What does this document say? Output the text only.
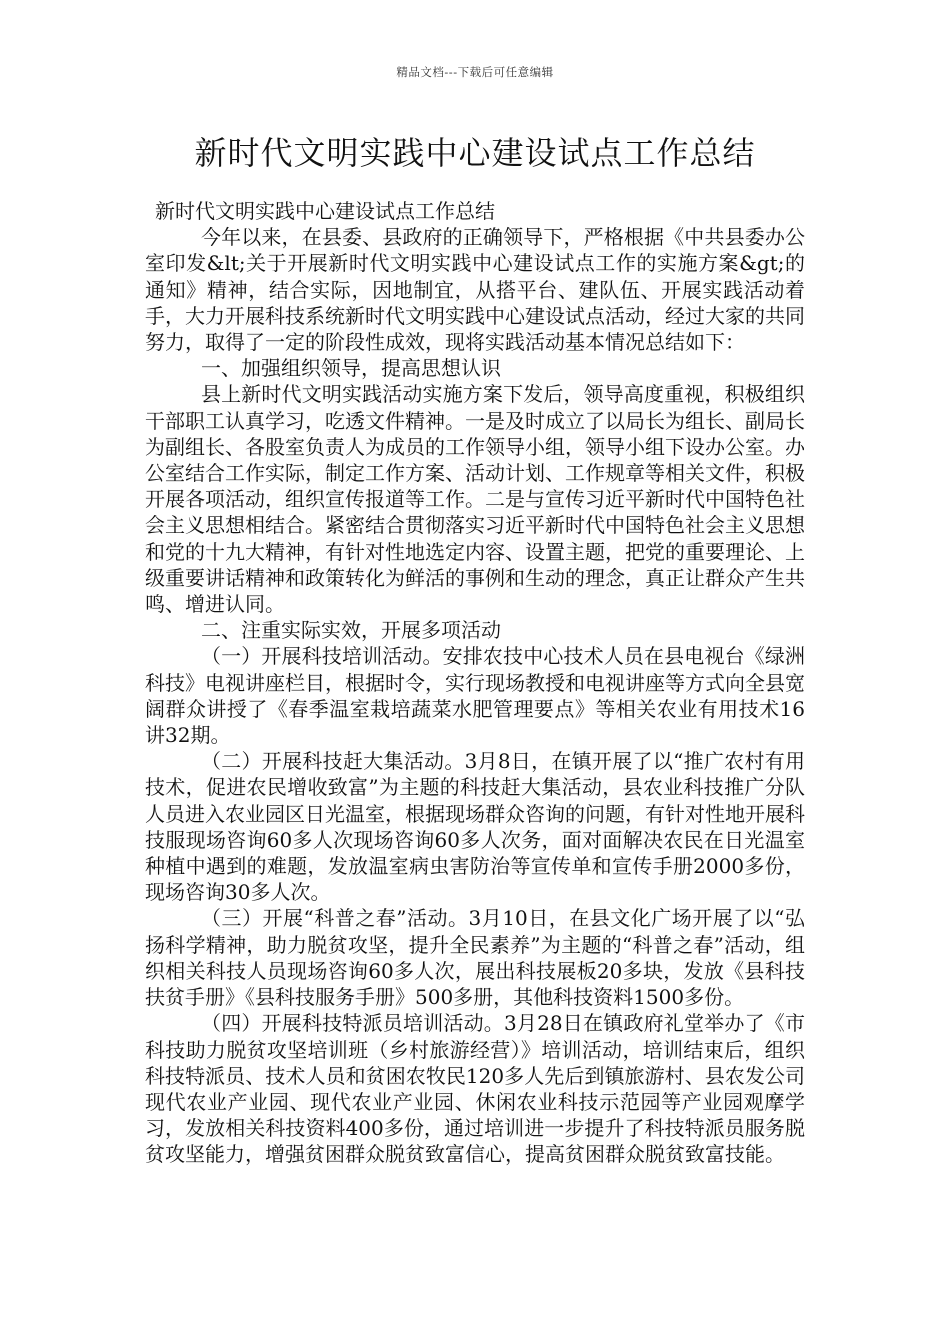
精品文档---下载后可任意编辑
新时代文明实践中心建设试点工作总结

新时代文明实践中心建设试点工作总结

今年以来，在县委、县政府的正确领导下，严格根据《中共县委办公室印发&lt;关于开展新时代文明实践中心建设试点工作的实施方案&gt;的通知》精神，结合实际，因地制宜，从搭平台、建队伍、开展实践活动着手，大力开展科技系统新时代文明实践中心建设试点活动，经过大家的共同努力，取得了一定的阶段性成效，现将实践活动基本情况总结如下：

一、加强组织领导，提高思想认识

县上新时代文明实践活动实施方案下发后，领导高度重视，积极组织干部职工认真学习，吃透文件精神。一是及时成立了以局长为组长、副局长为副组长、各股室负责人为成员的工作领导小组，领导小组下设办公室。办公室结合工作实际，制定工作方案、活动计划、工作规章等相关文件，积极开展各项活动，组织宣传报道等工作。二是与宣传习近平新时代中国特色社会主义思想相结合。紧密结合贯彻落实习近平新时代中国特色社会主义思想和党的十九大精神，有针对性地选定内容、设置主题，把党的重要理论、上级重要讲话精神和政策转化为鲜活的事例和生动的理念，真正让群众产生共鸣、增进认同。

二、注重实际实效，开展多项活动

（一）开展科技培训活动。安排农技中心技术人员在县电视台《绿洲科技》电视讲座栏目，根据时令，实行现场教授和电视讲座等方式向全县宽阔群众讲授了《春季温室栽培蔬菜水肥管理要点》等相关农业有用技术16讲32期。

（二）开展科技赶大集活动。3月8日，在镇开展了以“推广农村有用技术，促进农民增收致富”为主题的科技赶大集活动，县农业科技推广分队人员进入农业园区日光温室，根据现场群众咨询的问题，有针对性地开展科技服现场咨询60多人次现场咨询60多人次务，面对面解决农民在日光温室种植中遇到的难题，发放温室病虫害防治等宣传单和宣传手册2000多份，现场咨询30多人次。

（三）开展“科普之春”活动。3月10日，在县文化广场开展了以“弘扬科学精神，助力脱贫攻坚，提升全民素养”为主题的“科普之春”活动，组织相关科技人员现场咨询60多人次，展出科技展板20多块，发放《县科技扶贫手册》《县科技服务手册》500多册，其他科技资料1500多份。

（四）开展科技特派员培训活动。3月28日在镇政府礼堂举办了《市科技助力脱贫攻坚培训班（乡村旅游经营）》培训活动，培训结束后，组织科技特派员、技术人员和贫困农牧民120多人先后到镇旅游村、县农发公司现代农业产业园、现代农业产业园、休闲农业科技示范园等产业园观摩学习，发放相关科技资料400多份，通过培训进一步提升了科技特派员服务脱贫攻坚能力，增强贫困群众脱贫致富信心，提高贫困群众脱贫致富技能。
